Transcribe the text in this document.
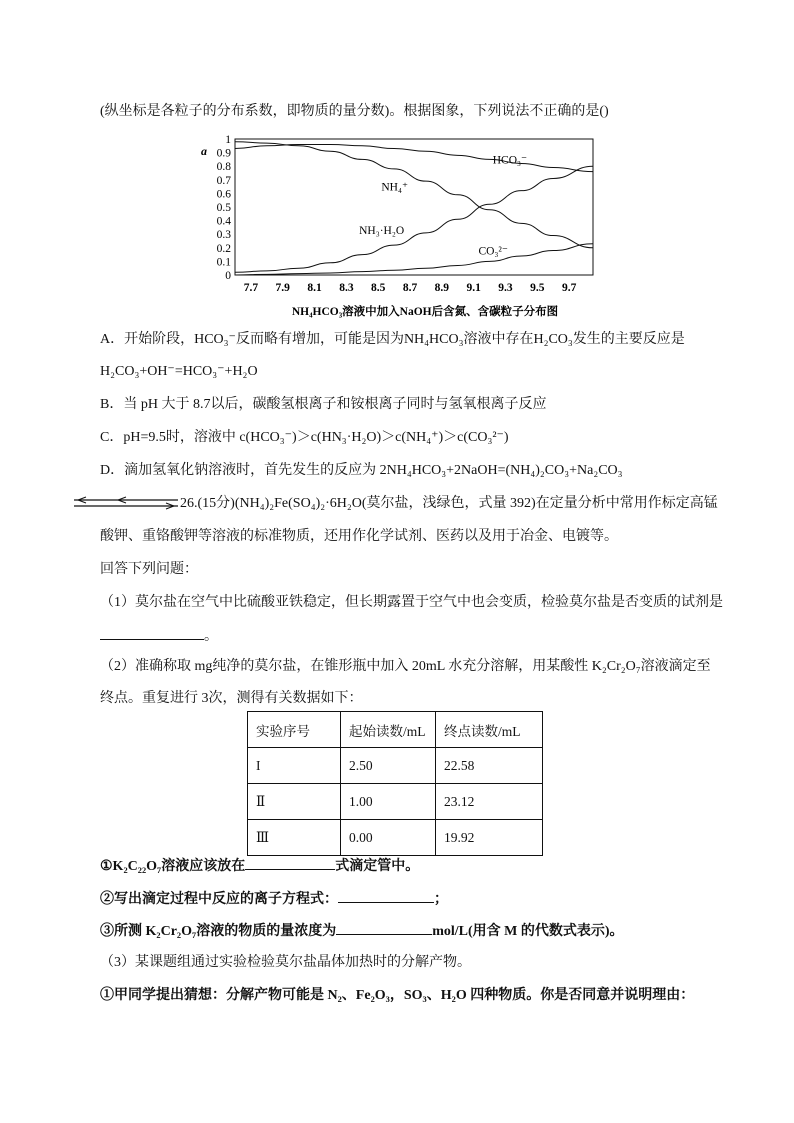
(纵坐标是各粒子的分布系数，即物质的量分数)。根据图象，下列说法不正确的是()
0
0.1
0.2
0.3
0.4
0.5
0.6
0.7
0.8
0.9
1
7.7 7.9 8.1 8.3 8.5 8.7 8.9 9.1 9.3 9.5 9.7
HCO₃⁻
NH₄⁺
NH₃·H₂O
CO₃²⁻
NH₄HCO₃溶液中加入NaOH后含氮、含碳粒子分布图
a
A．开始阶段，HCO₃⁻反而略有增加，可能是因为NH₄HCO₃溶液中存在H₂CO₃发生的主要反应是
H₂CO₃+OH⁻=HCO₃⁻+H₂O
B．当 pH 大于 8.7以后，碳酸氢根离子和铵根离子同时与氢氧根离子反应
C．pH=9.5时，溶液中 c(HCO₃⁻)＞c(HN₃·H₂O)＞c(NH₄⁺)＞c(CO₃²⁻)
D．滴加氢氧化钠溶液时，首先发生的反应为 2NH₄HCO₃+2NaOH=(NH₄)₂CO₃+Na₂CO₃
26.(15分)(NH₄)₂Fe(SO₄)₂·6H₂O(莫尔盐，浅绿色，式量 392)在定量分析中常用作标定高锰
酸钾、重铬酸钾等溶液的标准物质，还用作化学试剂、医药以及用于冶金、电镀等。
回答下列问题：
（1）莫尔盐在空气中比硫酸亚铁稳定，但长期露置于空气中也会变质，检验莫尔盐是否变质的试剂是
。
（2）准确称取 mg纯净的莫尔盐，在锥形瓶中加入 20mL 水充分溶解，用某酸性 K₂Cr₂O₇溶液滴定至
终点。重复进行 3次，测得有关数据如下：
实验序号	起始读数/mL	终点读数/mL
I	2.50	22.58
Ⅱ	1.00	23.12
Ⅲ	0.00	19.92
①K₂C₂₂O₇溶液应该放在	式滴定管中。
②写出滴定过程中反应的离子方程式：	；
③所测 K₂Cr₂O₇溶液的物质的量浓度为	mol/L(用含 M 的代数式表示)。
（3）某课题组通过实验检验莫尔盐晶体加热时的分解产物。
①甲同学提出猜想：分解产物可能是 N₂、Fe₂O₃，SO₃、H₂O 四种物质。你是否同意并说明理由：
